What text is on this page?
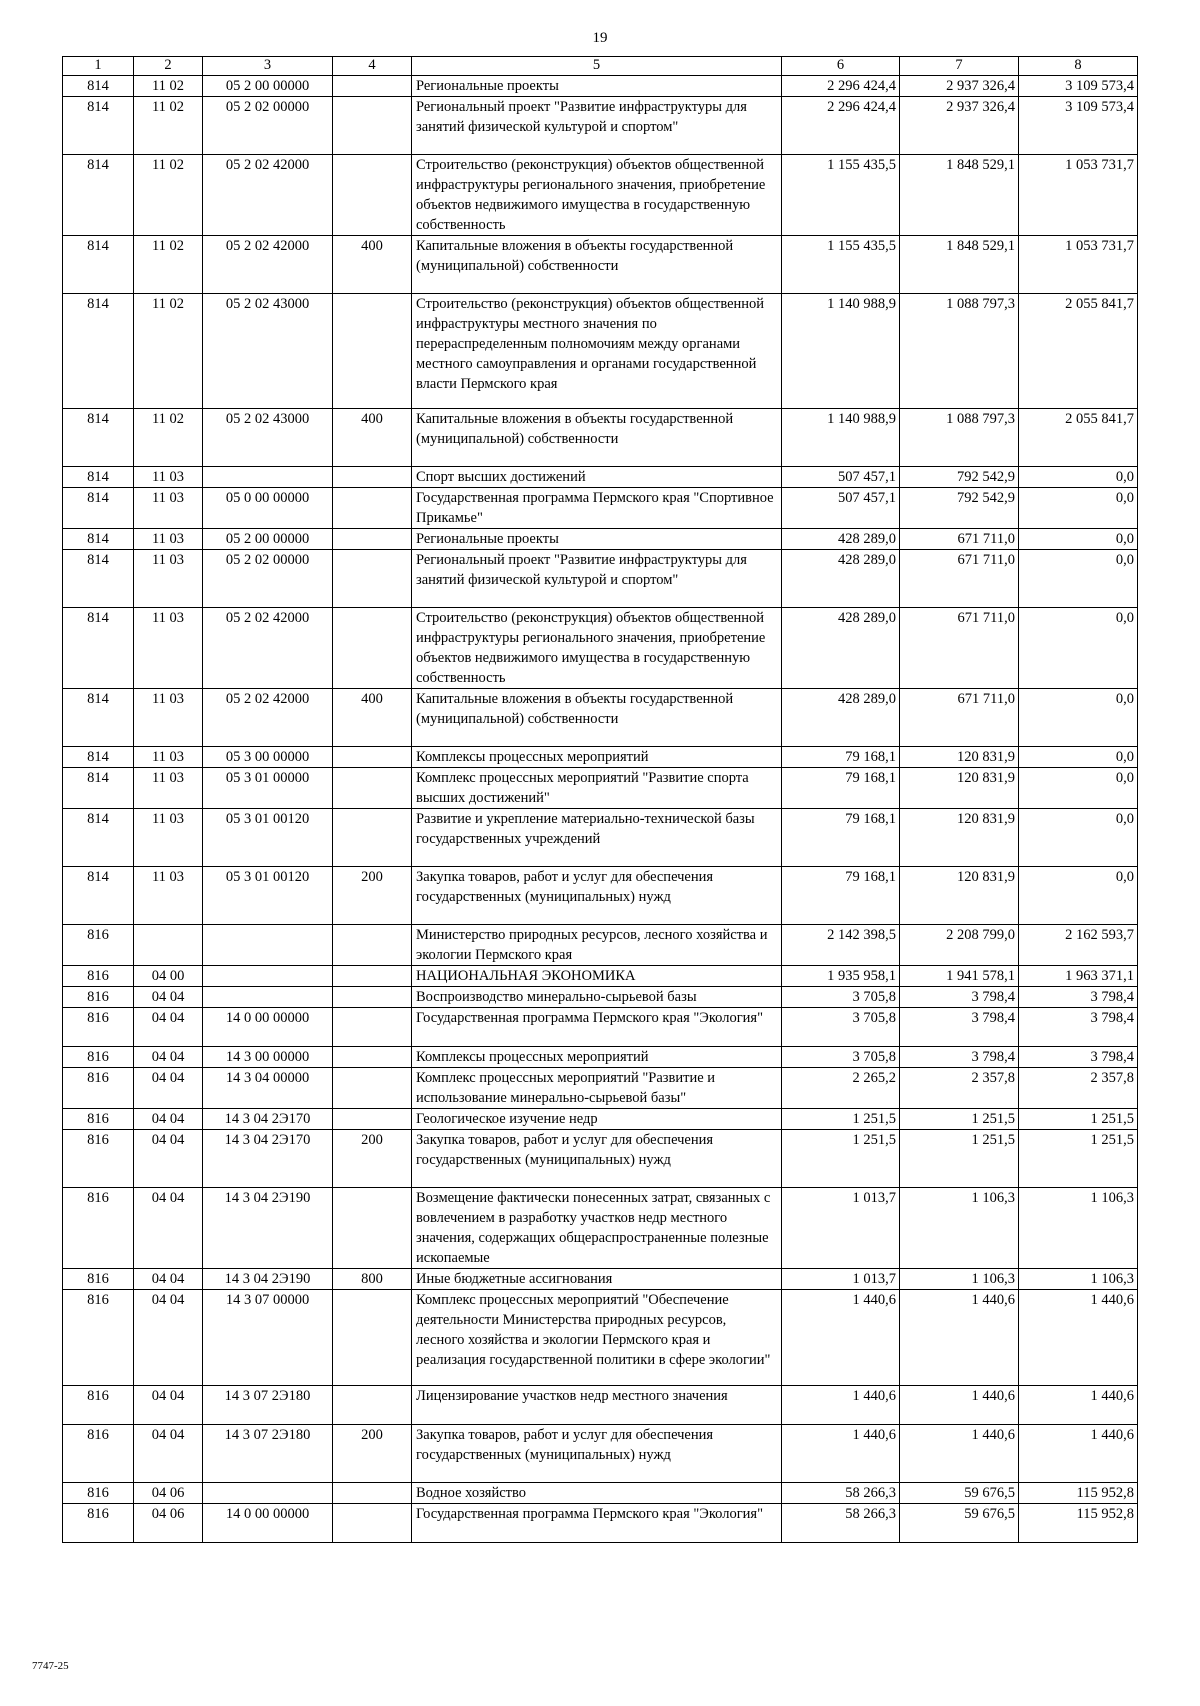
19
1	2	3	4	5	6	7	8
814	11 02	05 2 00 00000		Региональные проекты	2 296 424,4	2 937 326,4	3 109 573,4
814	11 02	05 2 02 00000		Региональный проект "Развитие инфраструктуры для занятий физической культурой и спортом"	2 296 424,4	2 937 326,4	3 109 573,4
814	11 02	05 2 02 42000		Строительство (реконструкция) объектов общественной инфраструктуры регионального значения, приобретение объектов недвижимого имущества в государственную собственность	1 155 435,5	1 848 529,1	1 053 731,7
814	11 02	05 2 02 42000	400	Капитальные вложения в объекты государственной (муниципальной) собственности	1 155 435,5	1 848 529,1	1 053 731,7
814	11 02	05 2 02 43000		Строительство (реконструкция) объектов общественной инфраструктуры местного значения по перераспределенным полномочиям между органами местного самоуправления и органами государственной власти Пермского края	1 140 988,9	1 088 797,3	2 055 841,7
814	11 02	05 2 02 43000	400	Капитальные вложения в объекты государственной (муниципальной) собственности	1 140 988,9	1 088 797,3	2 055 841,7
814	11 03			Спорт высших достижений	507 457,1	792 542,9	0,0
814	11 03	05 0 00 00000		Государственная программа Пермского края "Спортивное Прикамье"	507 457,1	792 542,9	0,0
814	11 03	05 2 00 00000		Региональные проекты	428 289,0	671 711,0	0,0
814	11 03	05 2 02 00000		Региональный проект "Развитие инфраструктуры для занятий физической культурой и спортом"	428 289,0	671 711,0	0,0
814	11 03	05 2 02 42000		Строительство (реконструкция) объектов общественной инфраструктуры регионального значения, приобретение объектов недвижимого имущества в государственную собственность	428 289,0	671 711,0	0,0
814	11 03	05 2 02 42000	400	Капитальные вложения в объекты государственной (муниципальной) собственности	428 289,0	671 711,0	0,0
814	11 03	05 3 00 00000		Комплексы процессных мероприятий	79 168,1	120 831,9	0,0
814	11 03	05 3 01 00000		Комплекс процессных мероприятий "Развитие спорта высших достижений"	79 168,1	120 831,9	0,0
814	11 03	05 3 01 00120		Развитие и укрепление материально-технической базы государственных учреждений	79 168,1	120 831,9	0,0
814	11 03	05 3 01 00120	200	Закупка товаров, работ и услуг для обеспечения государственных (муниципальных) нужд	79 168,1	120 831,9	0,0
816				Министерство природных ресурсов, лесного хозяйства и экологии Пермского края	2 142 398,5	2 208 799,0	2 162 593,7
816	04 00			НАЦИОНАЛЬНАЯ ЭКОНОМИКА	1 935 958,1	1 941 578,1	1 963 371,1
816	04 04			Воспроизводство минерально-сырьевой базы	3 705,8	3 798,4	3 798,4
816	04 04	14 0 00 00000		Государственная программа Пермского края "Экология"	3 705,8	3 798,4	3 798,4
816	04 04	14 3 00 00000		Комплексы процессных мероприятий	3 705,8	3 798,4	3 798,4
816	04 04	14 3 04 00000		Комплекс процессных мероприятий "Развитие и использование минерально-сырьевой базы"	2 265,2	2 357,8	2 357,8
816	04 04	14 3 04 2Э170		Геологическое изучение недр	1 251,5	1 251,5	1 251,5
816	04 04	14 3 04 2Э170	200	Закупка товаров, работ и услуг для обеспечения государственных (муниципальных) нужд	1 251,5	1 251,5	1 251,5
816	04 04	14 3 04 2Э190		Возмещение фактически понесенных затрат, связанных с вовлечением в разработку участков недр местного значения, содержащих общераспространенные полезные ископаемые	1 013,7	1 106,3	1 106,3
816	04 04	14 3 04 2Э190	800	Иные бюджетные ассигнования	1 013,7	1 106,3	1 106,3
816	04 04	14 3 07 00000		Комплекс процессных мероприятий "Обеспечение деятельности Министерства природных ресурсов, лесного хозяйства и экологии Пермского края и реализация государственной политики в сфере экологии"	1 440,6	1 440,6	1 440,6
816	04 04	14 3 07 2Э180		Лицензирование участков недр местного значения	1 440,6	1 440,6	1 440,6
816	04 04	14 3 07 2Э180	200	Закупка товаров, работ и услуг для обеспечения государственных (муниципальных) нужд	1 440,6	1 440,6	1 440,6
816	04 06			Водное хозяйство	58 266,3	59 676,5	115 952,8
816	04 06	14 0 00 00000		Государственная программа Пермского края "Экология"	58 266,3	59 676,5	115 952,8
7747-25
